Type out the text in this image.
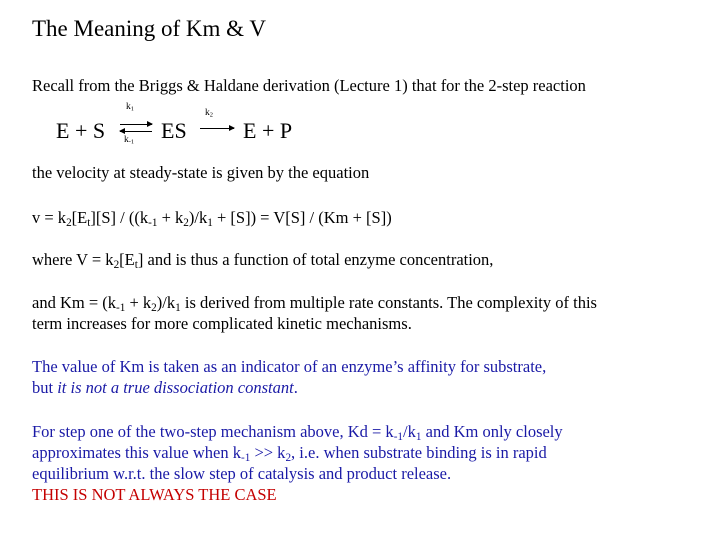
The Meaning of Km & V
Recall from the Briggs & Haldane derivation (Lecture 1) that for the 2-step reaction
E + S
$k_1$
$k_{-1}$ ES
$k_2$
E + P
the velocity at steady-state is given by the equation
$v = k_2[E_t][S] / ((k_{-1} + k_2)/k_1 + [S]) = V[S] / (Km + [S])$
where $V = k_2[E_t]$ and is thus a function of total enzyme concentration,
and $Km = (k_{-1} + k_2)/k_1$ is derived from multiple rate constants. The complexity of this
term increases for more complicated kinetic mechanisms.
The value of Km is taken as an indicator of an enzyme’s affinity for substrate,
but it is not a true dissociation constant.
For step one of the two-step mechanism above, $Kd = k_{-1}/k_1$ and Km only closely
approximates this value when $k_{-1} >> k_2$, i.e. when substrate binding is in rapid
equilibrium w.r.t. the slow step of catalysis and product release.
THIS IS NOT ALWAYS THE CASE
